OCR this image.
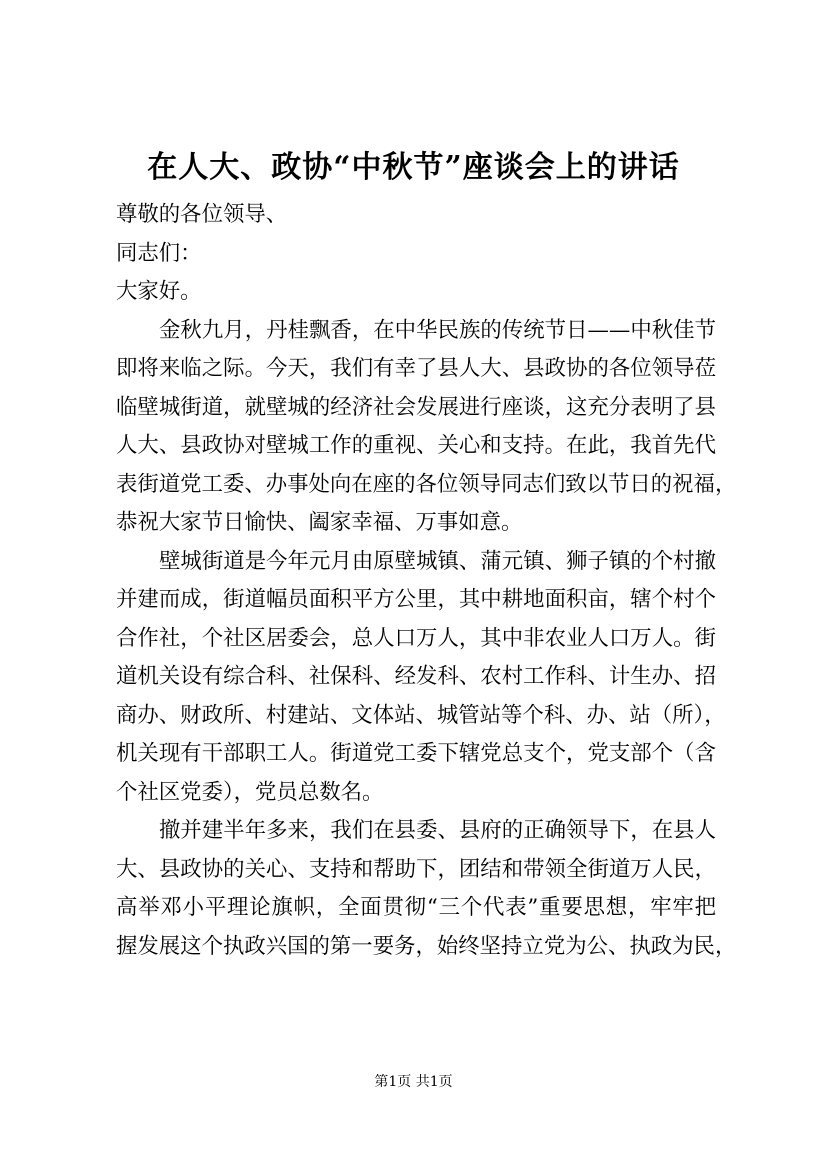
在人大、政协“中秋节”座谈会上的讲话
尊敬的各位领导、
同志们：
大家好。
金秋九月，丹桂飘香，在中华民族的传统节日——中秋佳节
即将来临之际。今天，我们有幸了县人大、县政协的各位领导莅
临壁城街道，就壁城的经济社会发展进行座谈，这充分表明了县
人大、县政协对壁城工作的重视、关心和支持。在此，我首先代
表街道党工委、办事处向在座的各位领导同志们致以节日的祝福，
恭祝大家节日愉快、阖家幸福、万事如意。
壁城街道是今年元月由原壁城镇、蒲元镇、狮子镇的个村撤
并建而成，街道幅员面积平方公里，其中耕地面积亩，辖个村个
合作社，个社区居委会，总人口万人，其中非农业人口万人。街
道机关设有综合科、社保科、经发科、农村工作科、计生办、招
商办、财政所、村建站、文体站、城管站等个科、办、站（所），
机关现有干部职工人。街道党工委下辖党总支个，党支部个（含
个社区党委），党员总数名。
撤并建半年多来，我们在县委、县府的正确领导下，在县人
大、县政协的关心、支持和帮助下，团结和带领全街道万人民，
高举邓小平理论旗帜，全面贯彻“三个代表”重要思想，牢牢把
握发展这个执政兴国的第一要务，始终坚持立党为公、执政为民，
第1页 共1页
